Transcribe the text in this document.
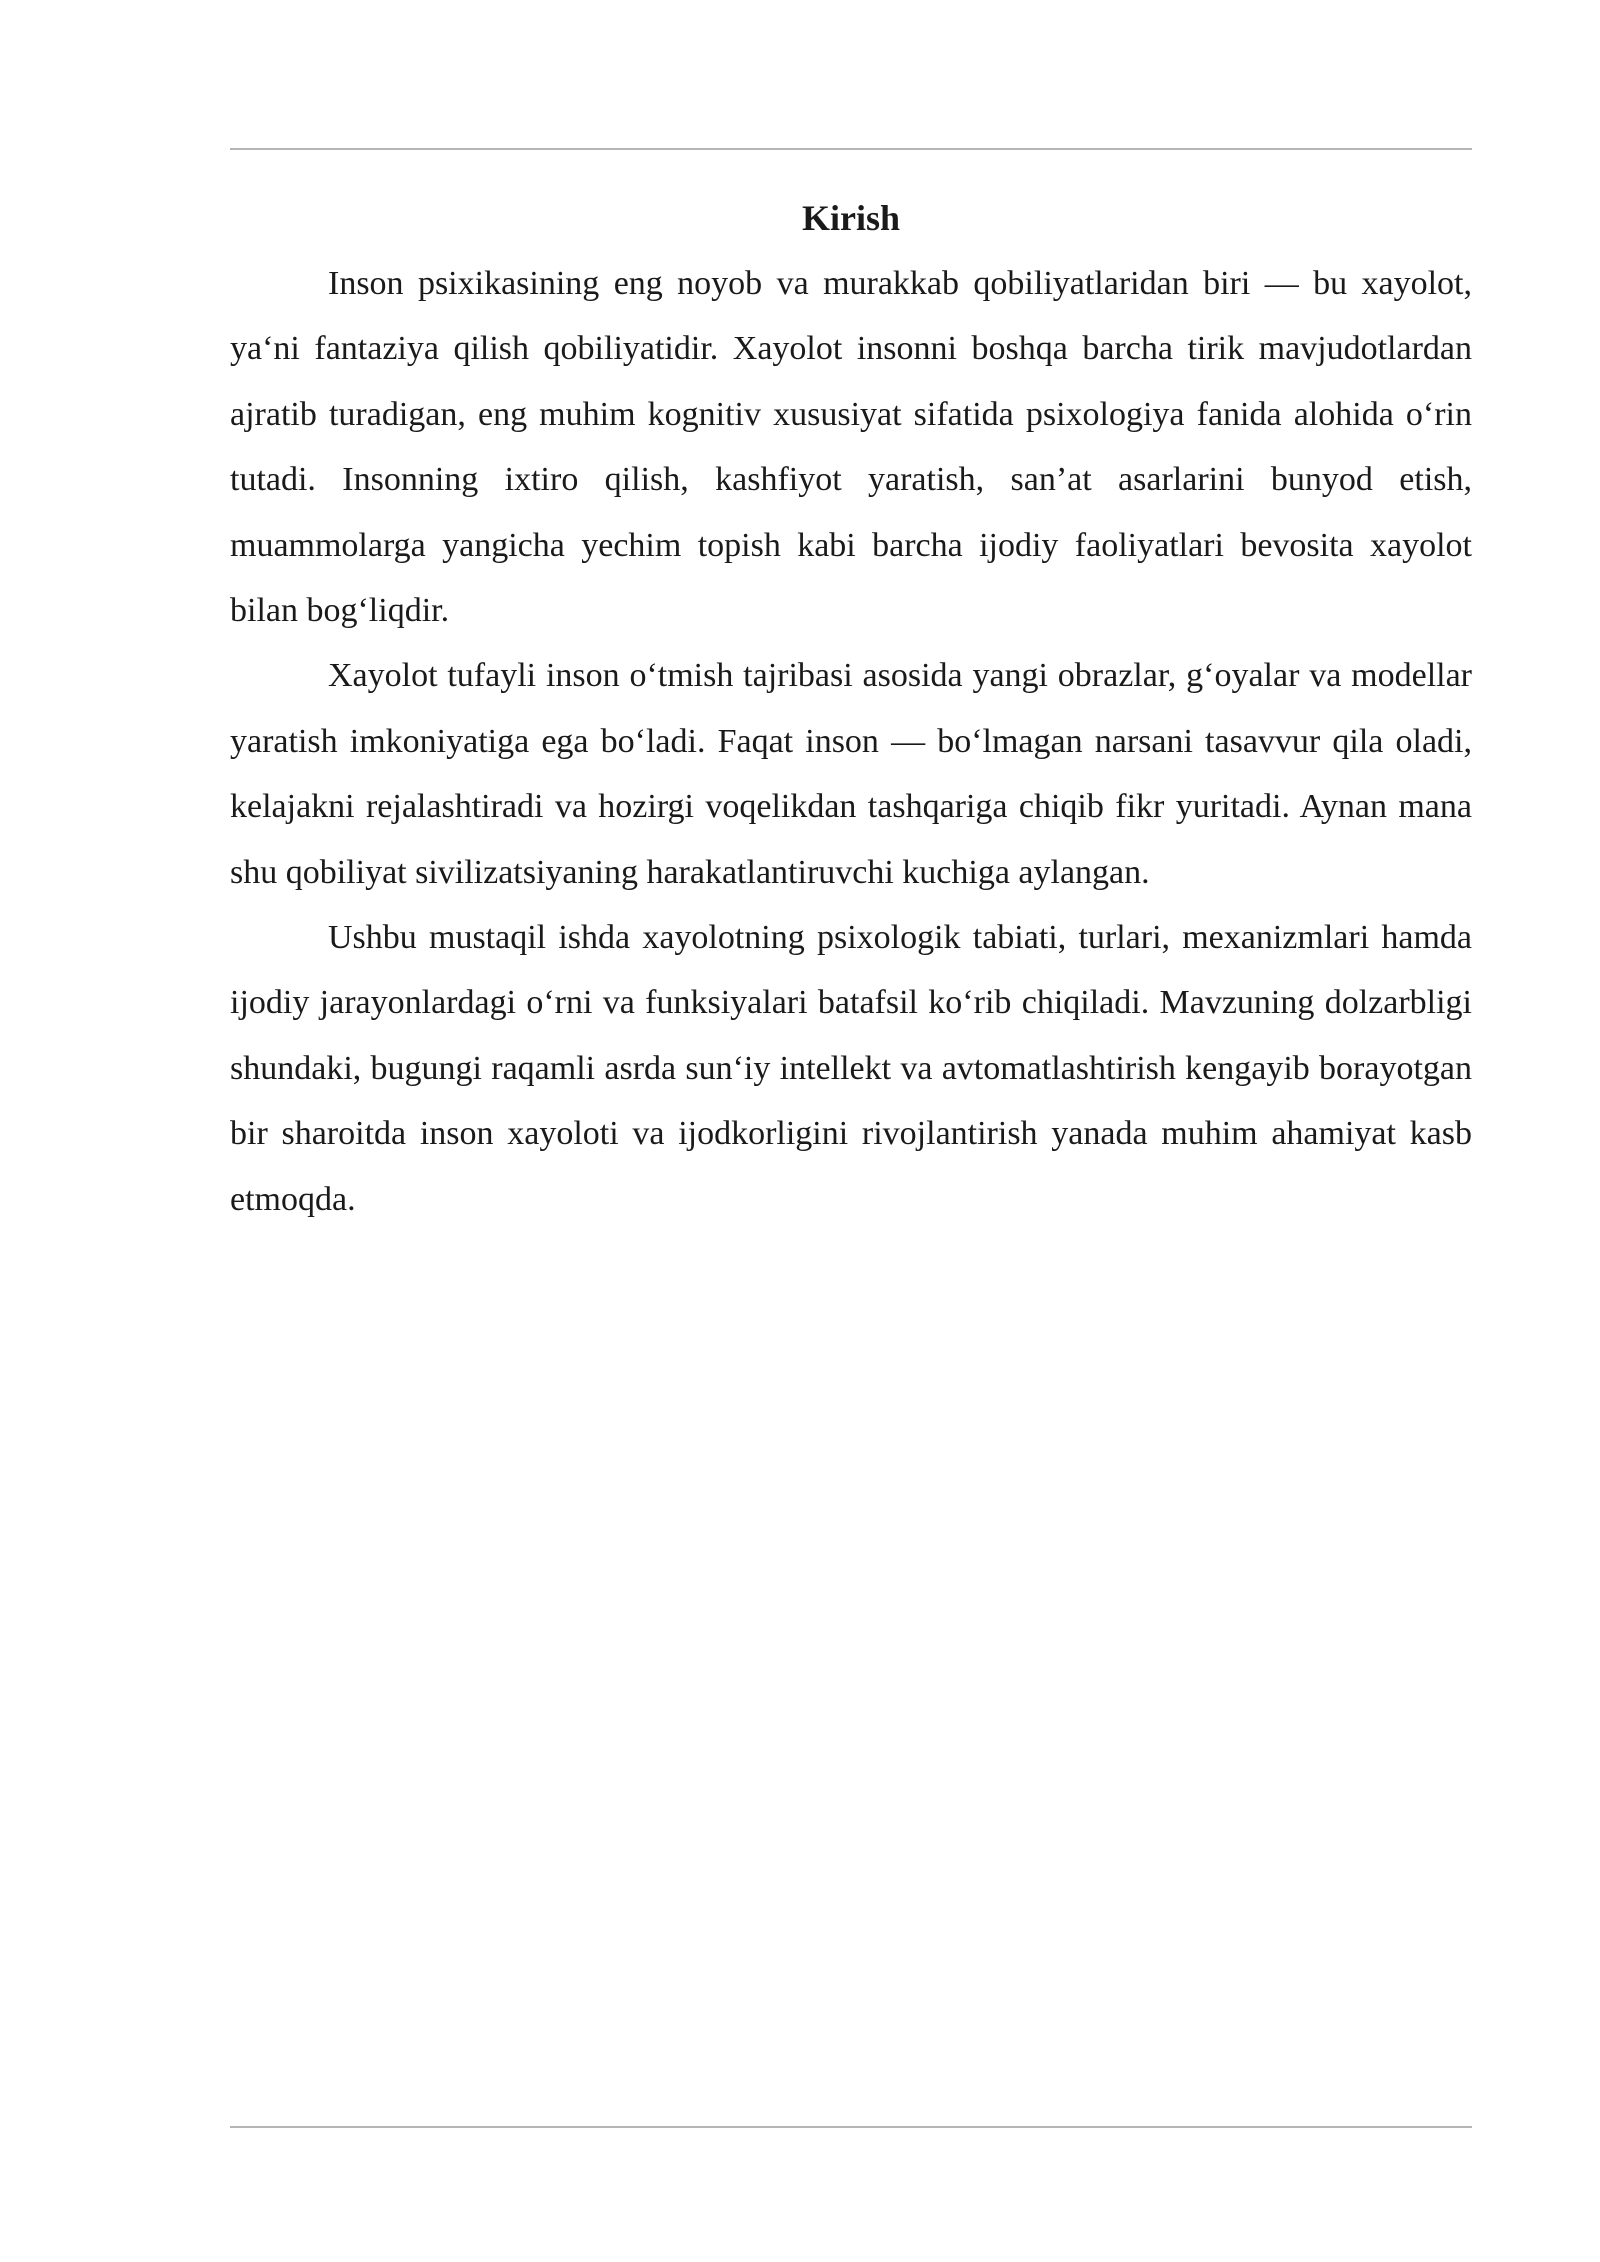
Kirish

Inson psixikasining eng noyob va murakkab qobiliyatlaridan biri — bu xayolot, ya‘ni fantaziya qilish qobiliyatidir. Xayolot insonni boshqa barcha tirik mavjudotlardan ajratib turadigan, eng muhim kognitiv xususiyat sifatida psixologiya fanida alohida o‘rin tutadi. Insonning ixtiro qilish, kashfiyot yaratish, san’at asarlarini bunyod etish, muammolarga yangicha yechim topish kabi barcha ijodiy faoliyatlari bevosita xayolot bilan bog‘liqdir.

Xayolot tufayli inson o‘tmish tajribasi asosida yangi obrazlar, g‘oyalar va modellar yaratish imkoniyatiga ega bo‘ladi. Faqat inson — bo‘lmagan narsani tasavvur qila oladi, kelajakni rejalashtiradi va hozirgi voqelikdan tashqariga chiqib fikr yuritadi. Aynan mana shu qobiliyat sivilizatsiyaning harakatlantiruvchi kuchiga aylangan.

Ushbu mustaqil ishda xayolotning psixologik tabiati, turlari, mexanizmlari hamda ijodiy jarayonlardagi o‘rni va funksiyalari batafsil ko‘rib chiqiladi. Mavzuning dolzarbligi shundaki, bugungi raqamli asrda sun‘iy intellekt va avtomatlashtirish kengayib borayotgan bir sharoitda inson xayoloti va ijodkorligini rivojlantirish yanada muhim ahamiyat kasb etmoqda.
